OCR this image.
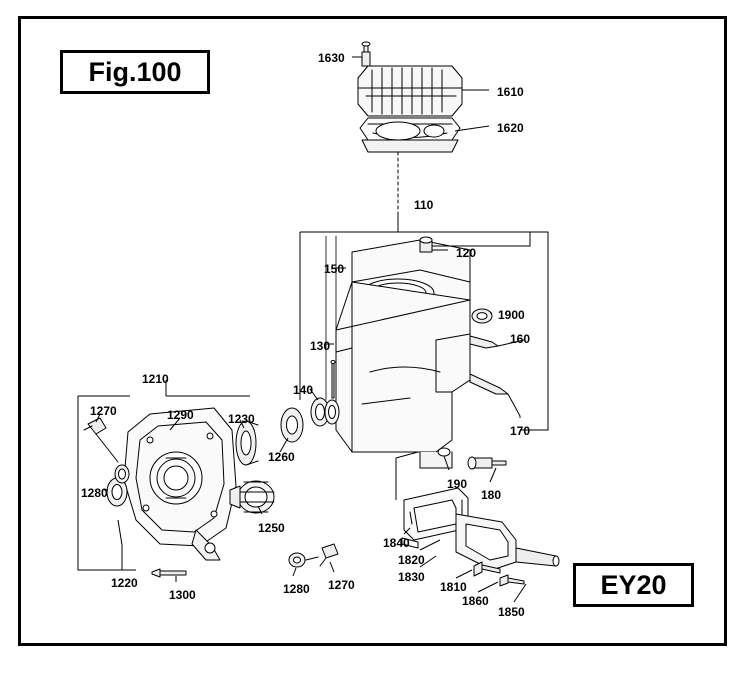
Fig.100
EY20
1630
1610
1620
110
120
150
1900
130	160
140
170
1210
1270	1290	1230
1260
1280
190
180
1250
1840
1820
1830
1810
1860
1850
1220
1300	1280 1270
